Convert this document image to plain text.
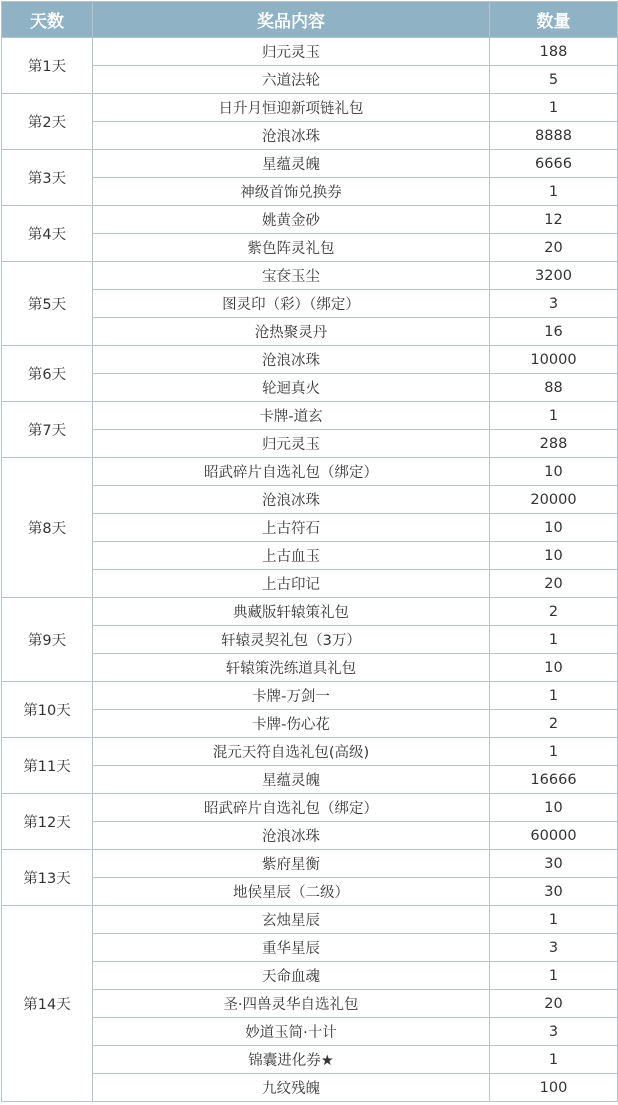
天数	奖品内容	数量
第1天	归元灵玉	188
	六道法轮	5
第2天	日升月恒迎新项链礼包	1
	沧浪冰珠	8888
第3天	星蕴灵魄	6666
	神级首饰兑换券	1
第4天	姚黄金砂	12
	紫色阵灵礼包	20
第5天	宝奁玉尘	3200
	图灵印（彩）（绑定）	3
	沧热聚灵丹	16
第6天	沧浪冰珠	10000
	轮迴真火	88
第7天	卡牌-道玄	1
	归元灵玉	288
第8天	昭武碎片自选礼包（绑定）	10
	沧浪冰珠	20000
	上古符石	10
	上古血玉	10
	上古印记	20
第9天	典藏版轩辕策礼包	2
	轩辕灵契礼包（3万）	1
	轩辕策洗练道具礼包	10
第10天	卡牌-万剑一	1
	卡牌-伤心花	2
第11天	混元天符自选礼包(高级)	1
	星蕴灵魄	16666
第12天	昭武碎片自选礼包（绑定）	10
	沧浪冰珠	60000
第13天	紫府星衡	30
	地侯星辰（二级）	30
第14天	玄烛星辰	1
	重华星辰	3
	天命血魂	1
	圣·四兽灵华自选礼包	20
	妙道玉简·十计	3
	锦囊进化券★	1
	九纹残魄	100
